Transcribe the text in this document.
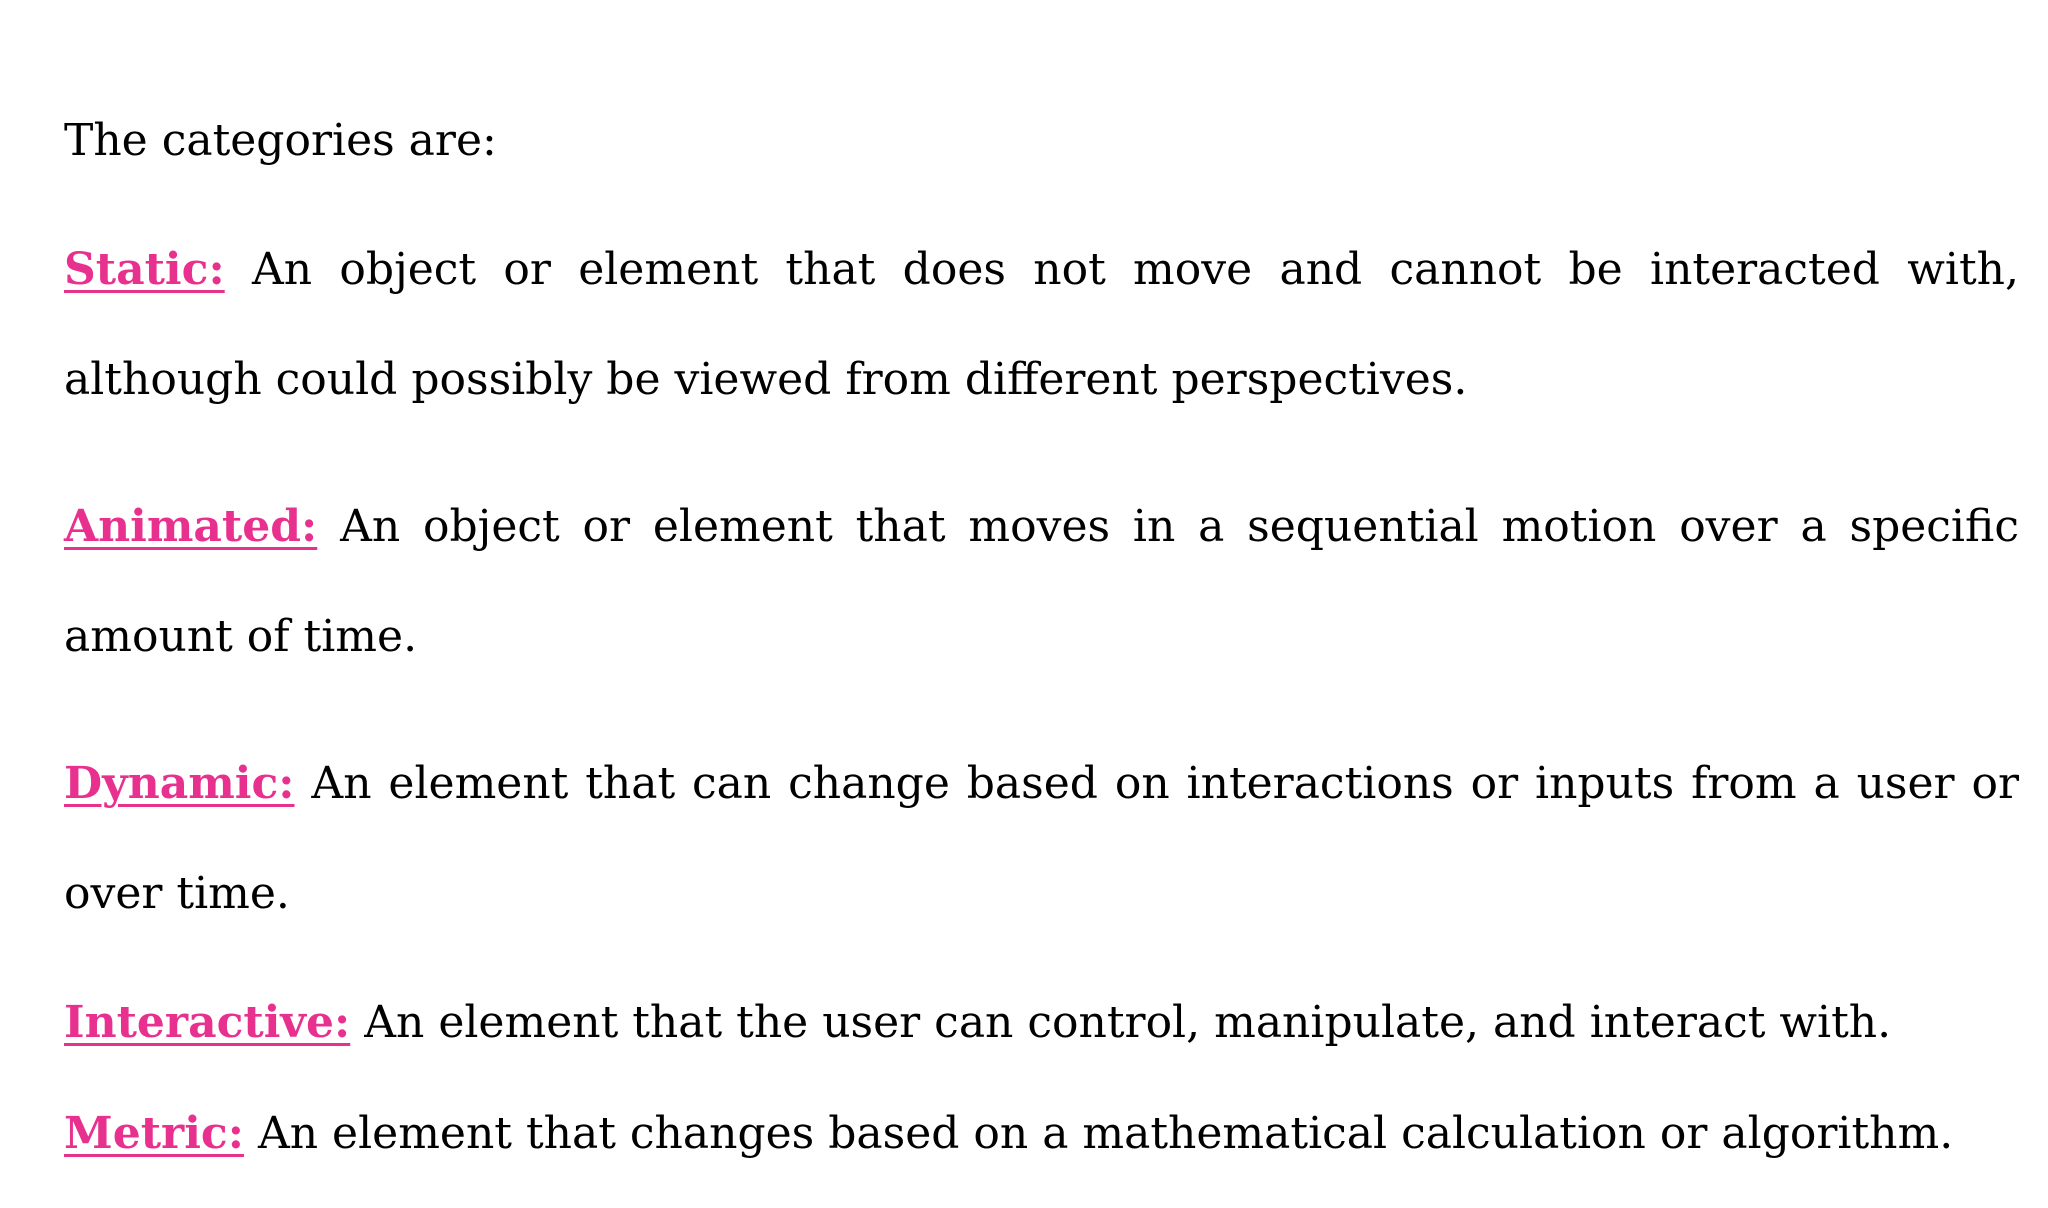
The categories are:

Static: An object or element that does not move and cannot be interacted with, although could possibly be viewed from different perspectives.

Animated: An object or element that moves in a sequential motion over a specific amount of time.

Dynamic: An element that can change based on interactions or inputs from a user or over time.

Interactive: An element that the user can control, manipulate, and interact with.

Metric: An element that changes based on a mathematical calculation or algorithm.
